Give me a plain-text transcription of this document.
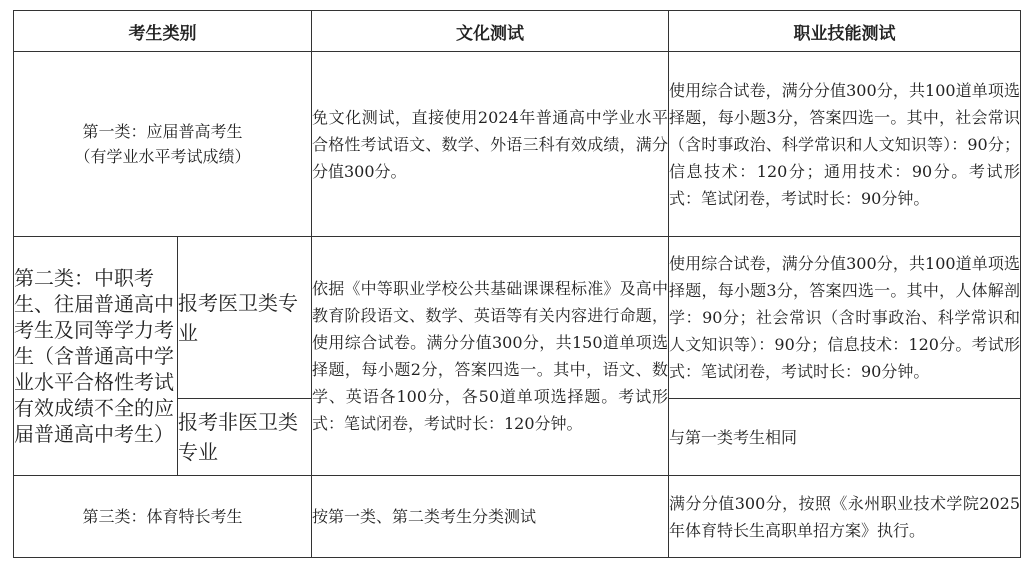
考生类别		文化测试	职业技能测试

第一类：应届普高考生
（有学业水平考试成绩）		免文化测试，直接使用2024年普通高中学业水平合格性考试语文、数学、外语三科有效成绩，满分分值300分。	使用综合试卷，满分分值300分，共100道单项选择题，每小题3分，答案四选一。其中，社会常识（含时事政治、科学常识和人文知识等）：90分；信息技术：120分；通用技术：90分。考试形式：笔试闭卷，考试时长：90分钟。
第二类：中职考生、往届普通高中考生及同等学力考生（含普通高中学业水平合格性考试有效成绩不全的应届普通高中考生）	报考医卫类专业	依据《中等职业学校公共基础课课程标准》及高中教育阶段语文、数学、英语等有关内容进行命题，使用综合试卷。满分分值300分，共150道单项选择题，每小题2分，答案四选一。其中，语文、数学、英语各100分，各50道单项选择题。考试形式：笔试闭卷，考试时长：120分钟。	使用综合试卷，满分分值300分，共100道单项选择题，每小题3分，答案四选一。其中，人体解剖学：90分；社会常识（含时事政治、科学常识和人文知识等）：90分；信息技术：120分。考试形式：笔试闭卷，考试时长：90分钟。
	报考非医卫类专业		与第一类考生相同
第三类：体育特长考生		按第一类、第二类考生分类测试	满分分值300分，按照《永州职业技术学院2025年体育特长生高职单招方案》执行。
